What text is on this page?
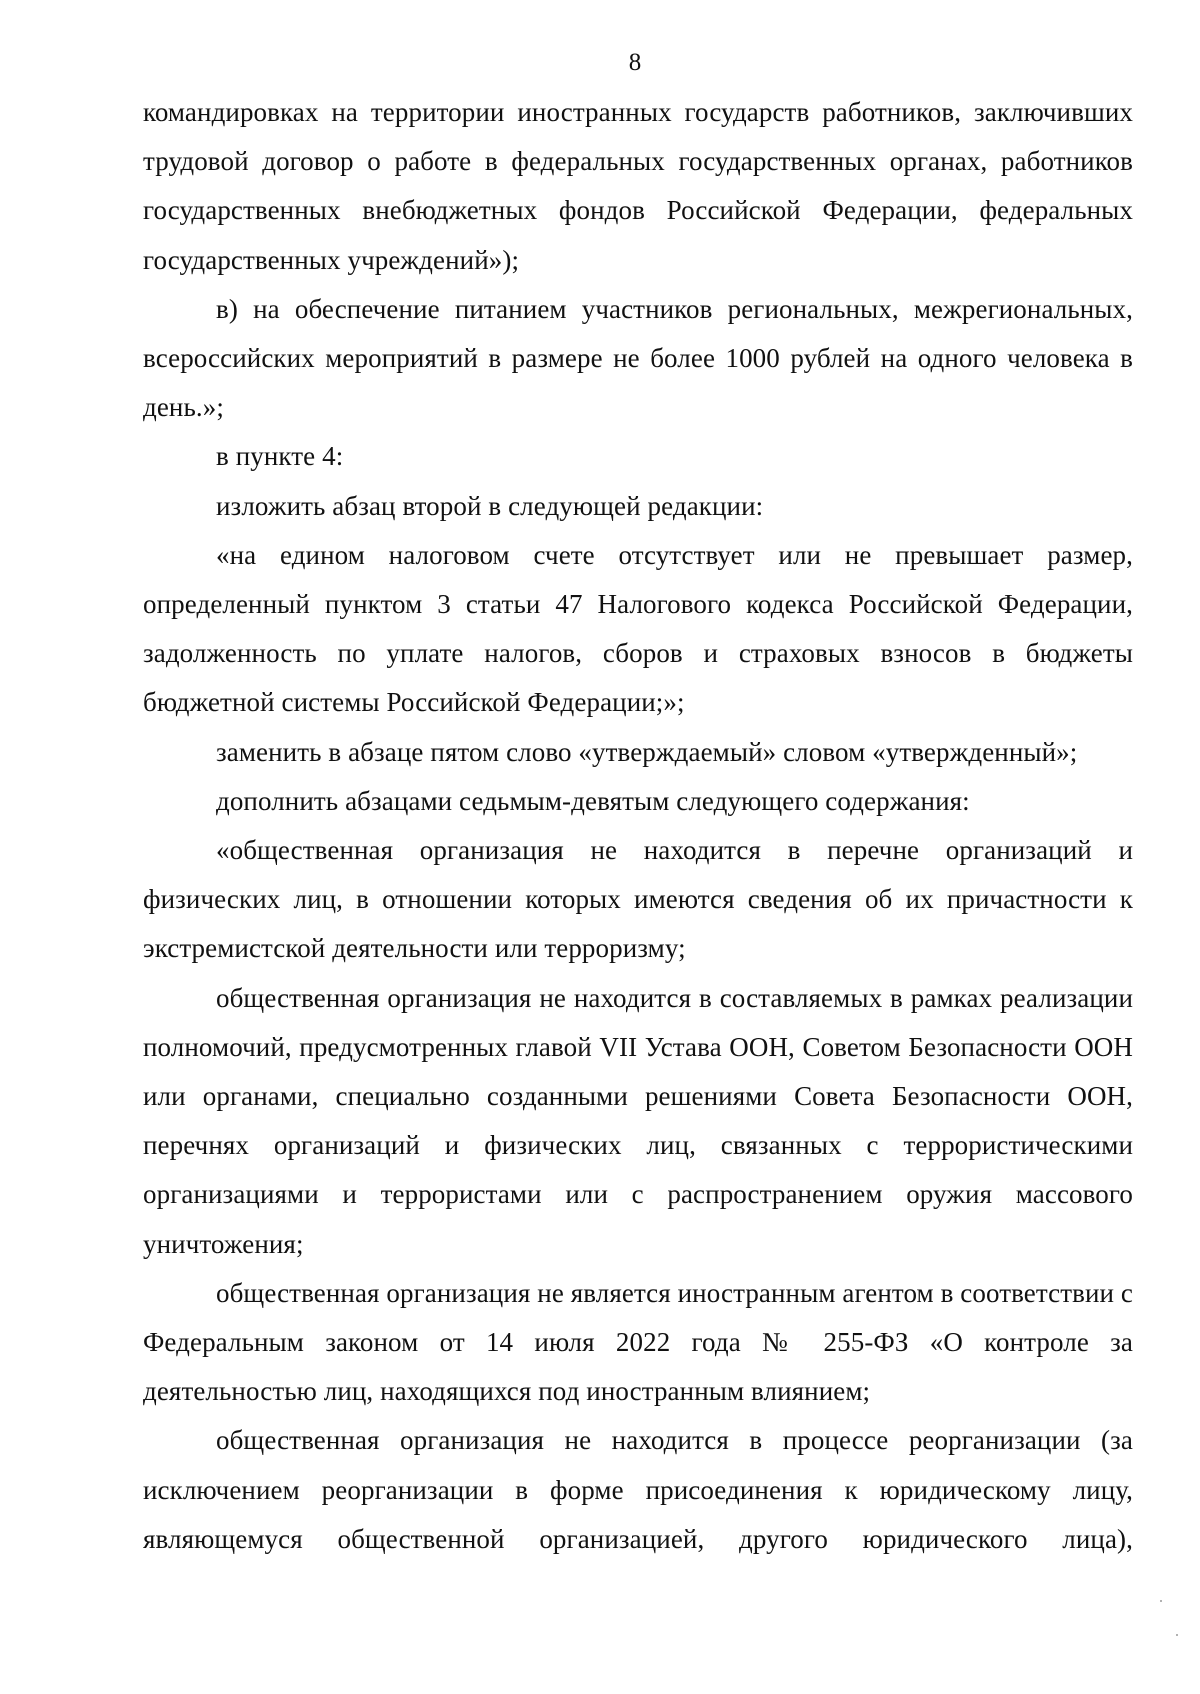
8

командировках на территории иностранных государств работников, заключивших трудовой договор о работе в федеральных государственных органах, работников государственных внебюджетных фондов Российской Федерации, федеральных государственных учреждений»);

в) на обеспечение питанием участников региональных, межрегиональных, всероссийских мероприятий в размере не более 1000 рублей на одного человека в день.»;

в пункте 4:

изложить абзац второй в следующей редакции:

«на едином налоговом счете отсутствует или не превышает размер, определенный пунктом 3 статьи 47 Налогового кодекса Российской Федерации, задолженность по уплате налогов, сборов и страховых взносов в бюджеты бюджетной системы Российской Федерации;»;

заменить в абзаце пятом слово «утверждаемый» словом «утвержденный»;

дополнить абзацами седьмым-девятым следующего содержания:

«общественная организация не находится в перечне организаций и физических лиц, в отношении которых имеются сведения об их причастности к экстремистской деятельности или терроризму;

общественная организация не находится в составляемых в рамках реализации полномочий, предусмотренных главой VII Устава ООН, Советом Безопасности ООН или органами, специально созданными решениями Совета Безопасности ООН, перечнях организаций и физических лиц, связанных с террористическими организациями и террористами или с распространением оружия массового уничтожения;

общественная организация не является иностранным агентом в соответствии с Федеральным законом от 14 июля 2022 года № 255-ФЗ «О контроле за деятельностью лиц, находящихся под иностранным влиянием;

общественная организация не находится в процессе реорганизации (за исключением реорганизации в форме присоединения к юридическому лицу, являющемуся общественной организацией, другого юридического лица),
